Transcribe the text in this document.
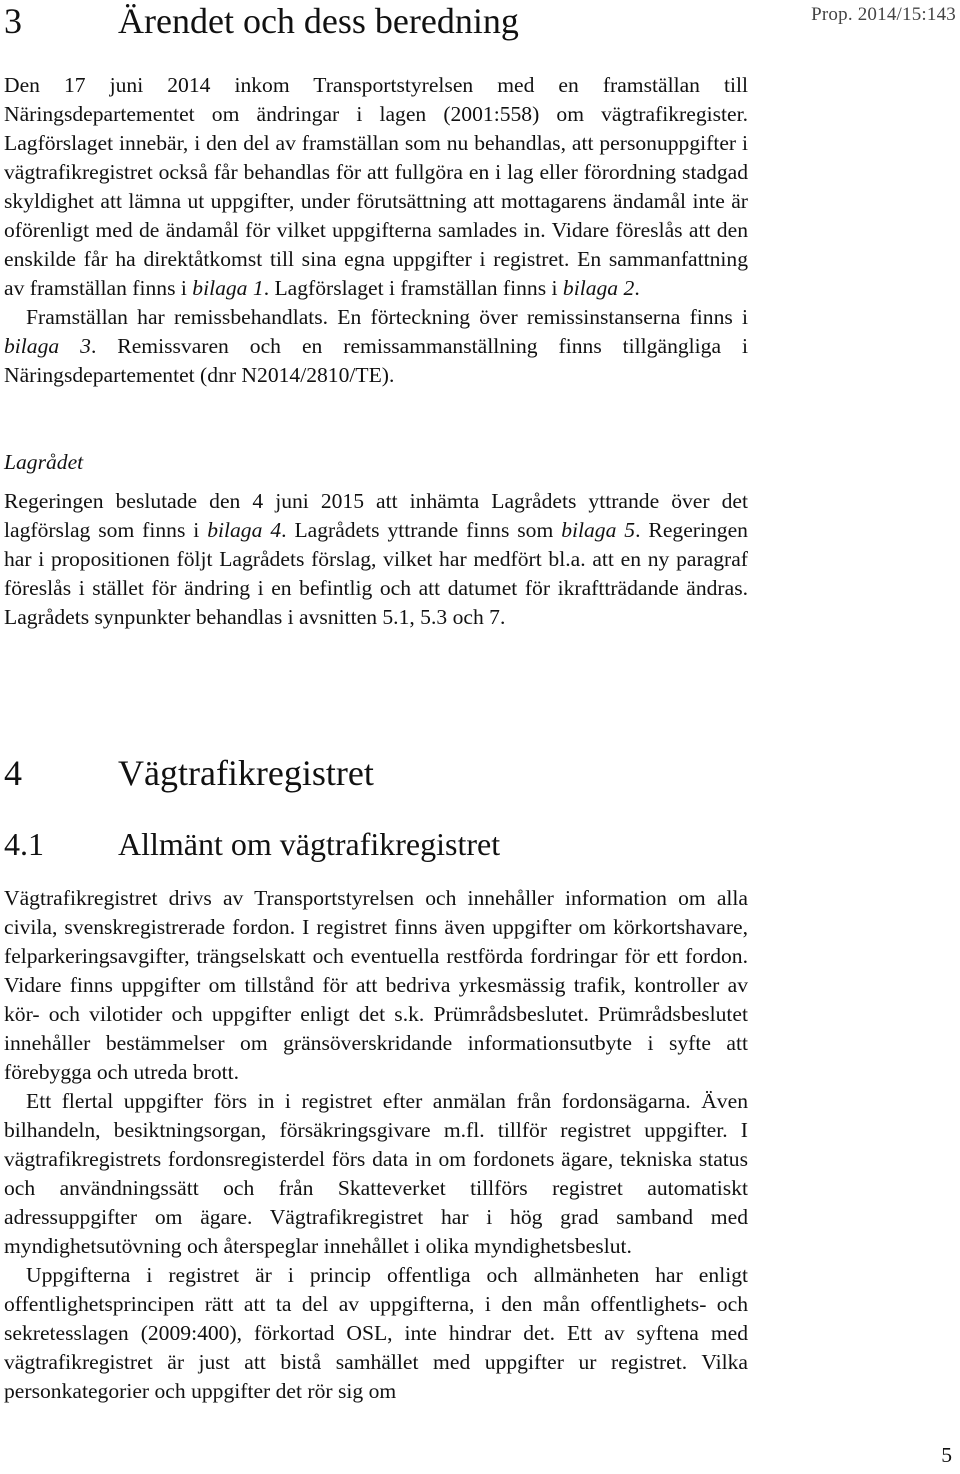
Prop. 2014/15:143
3	Ärendet och dess beredning

Den 17 juni 2014 inkom Transportstyrelsen med en framställan till Näringsdepartementet om ändringar i lagen (2001:558) om vägtrafikregister. Lagförslaget innebär, i den del av framställan som nu behandlas, att personuppgifter i vägtrafikregistret också får behandlas för att fullgöra en i lag eller förordning stadgad skyldighet att lämna ut uppgifter, under förutsättning att mottagarens ändamål inte är oförenligt med de ändamål för vilket uppgifterna samlades in. Vidare föreslås att den enskilde får ha direktåtkomst till sina egna uppgifter i registret. En sammanfattning av framställan finns i bilaga 1. Lagförslaget i framställan finns i bilaga 2.

Framställan har remissbehandlats. En förteckning över remissinstanserna finns i bilaga 3. Remissvaren och en remissammanställning finns tillgängliga i Näringsdepartementet (dnr N2014/2810/TE).

Lagrådet

Regeringen beslutade den 4 juni 2015 att inhämta Lagrådets yttrande över det lagförslag som finns i bilaga 4. Lagrådets yttrande finns som bilaga 5. Regeringen har i propositionen följt Lagrådets förslag, vilket har medfört bl.a. att en ny paragraf föreslås i stället för ändring i en befintlig och att datumet för ikraftträdande ändras. Lagrådets synpunkter behandlas i avsnitten 5.1, 5.3 och 7.

4	Vägtrafikregistret
4.1 Allmänt om vägtrafikregistret

Vägtrafikregistret drivs av Transportstyrelsen och innehåller information om alla civila, svenskregistrerade fordon. I registret finns även uppgifter om körkortshavare, felparkeringsavgifter, trängselskatt och eventuella restförda fordringar för ett fordon. Vidare finns uppgifter om tillstånd för att bedriva yrkesmässig trafik, kontroller av kör- och vilotider och uppgifter enligt det s.k. Prümrådsbeslutet. Prümrådsbeslutet innehåller bestämmelser om gränsöverskridande informationsutbyte i syfte att förebygga och utreda brott.

Ett flertal uppgifter förs in i registret efter anmälan från fordonsägarna. Även bilhandeln, besiktningsorgan, försäkringsgivare m.fl. tillför registret uppgifter. I vägtrafikregistrets fordonsregisterdel förs data in om fordonets ägare, tekniska status och användningssätt och från Skatteverket tillförs registret automatiskt adressuppgifter om ägare. Vägtrafikregistret har i hög grad samband med myndighetsutövning och återspeglar innehållet i olika myndighetsbeslut.

Uppgifterna i registret är i princip offentliga och allmänheten har enligt offentlighetsprincipen rätt att ta del av uppgifterna, i den mån offentlighets- och sekretesslagen (2009:400), förkortad OSL, inte hindrar det. Ett av syftena med vägtrafikregistret är just att bistå samhället med uppgifter ur registret. Vilka personkategorier och uppgifter det rör sig om

5
